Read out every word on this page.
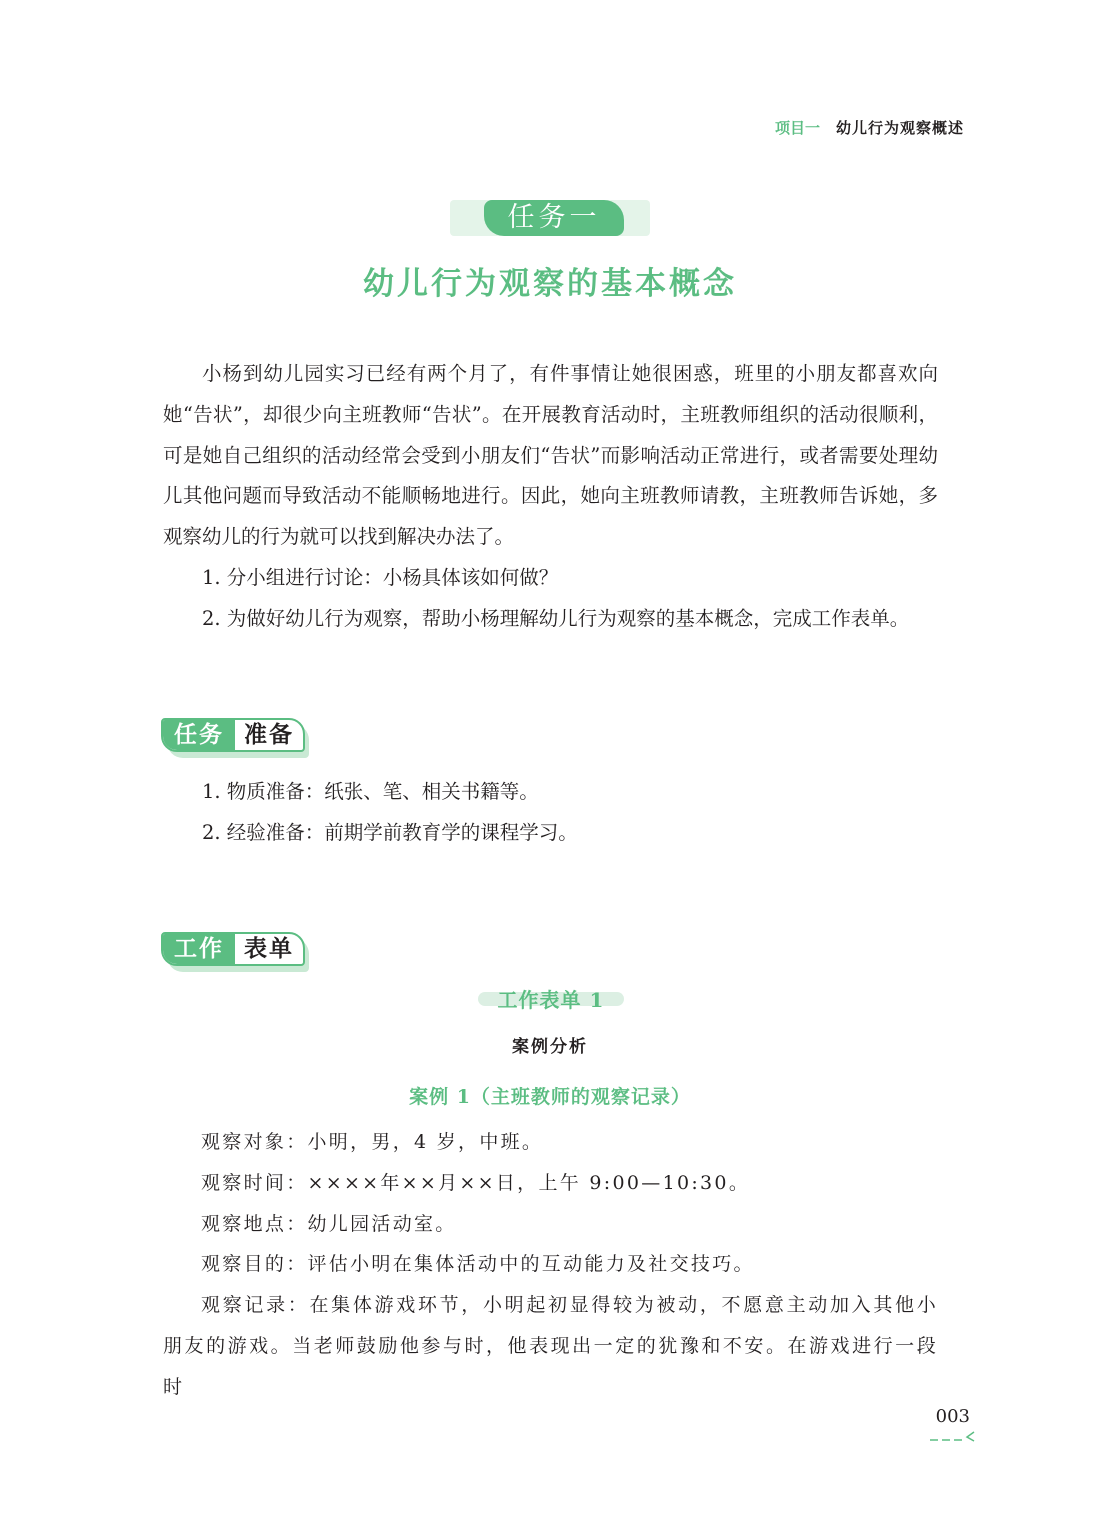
项目一 幼儿行为观察概述
任务一
幼儿行为观察的基本概念

小杨到幼儿园实习已经有两个月了，有件事情让她很困惑，班里的小朋友都喜欢向她“告状”，却很少向主班教师“告状”。在开展教育活动时，主班教师组织的活动很顺利，可是她自己组织的活动经常会受到小朋友们“告状”而影响活动正常进行，或者需要处理幼儿其他问题而导致活动不能顺畅地进行。因此，她向主班教师请教，主班教师告诉她，多观察幼儿的行为就可以找到解决办法了。

1. 分小组进行讨论：小杨具体该如何做？

2. 为做好幼儿行为观察，帮助小杨理解幼儿行为观察的基本概念，完成工作表单。

任务 准备

1. 物质准备：纸张、笔、相关书籍等。

2. 经验准备：前期学前教育学的课程学习。

工作 表单
工作表单 1
案例分析
案例 1（主班教师的观察记录）

观察对象：小明，男，4 岁，中班。

观察时间：××××年××月××日，上午 9:00—10:30。

观察地点：幼儿园活动室。

观察目的：评估小明在集体活动中的互动能力及社交技巧。

观察记录：在集体游戏环节，小明起初显得较为被动，不愿意主动加入其他小朋友的游戏。当老师鼓励他参与时，他表现出一定的犹豫和不安。在游戏进行一段时

003
